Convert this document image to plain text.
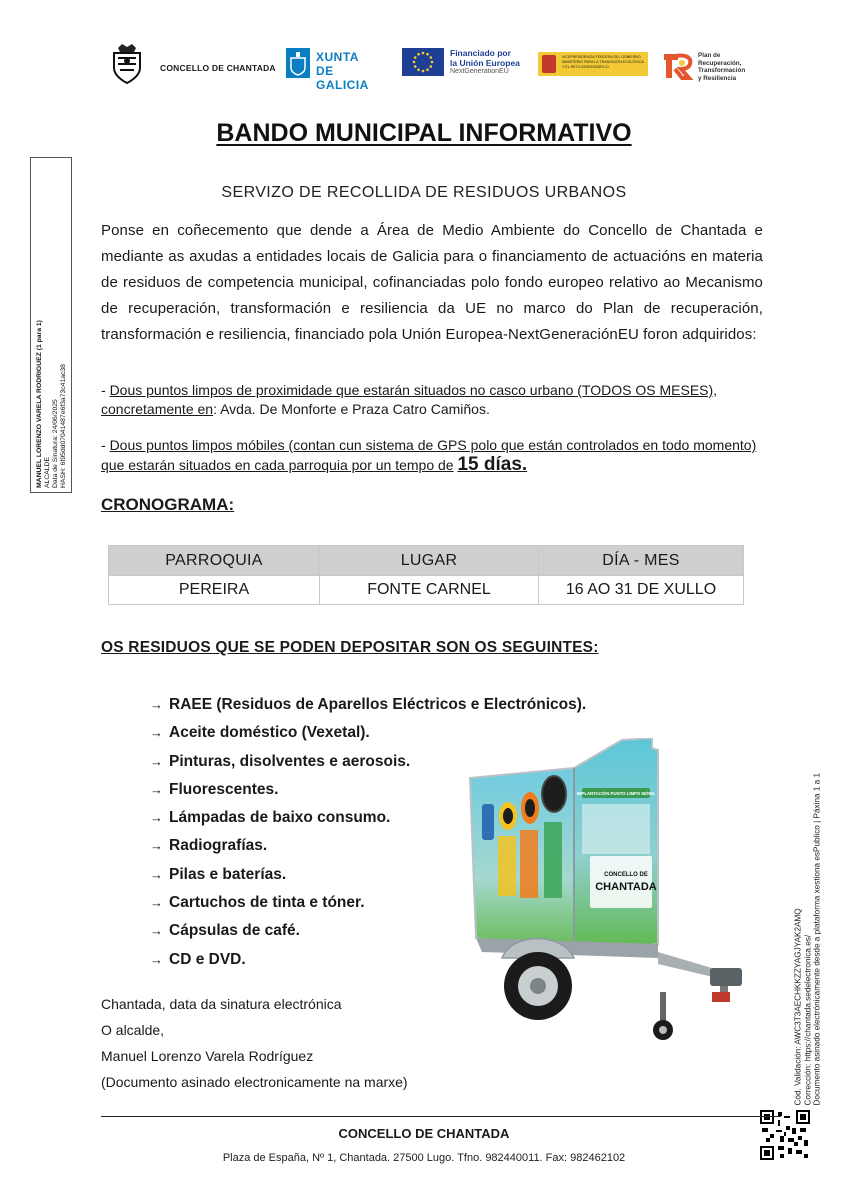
CONCELLO DE CHANTADA
XUNTA
DE GALICIA
Financiado por
la Unión Europea
NextGenerationEU
VICEPRESIDENCIA TERCERA DEL GOBIERNO MINISTERIO PARA LA TRANSICIÓN ECOLÓGICA Y EL RETO DEMOGRÁFICO
Plan de
Recuperación,
Transformación
y Resiliencia
MANUEL LORENZO VARELA RODRIGUEZ (1 para 1) ALCALDE Data de Sinatura: 24/06/2025 HASH: 6f95dd07041487e6f3a73c41ac38
BANDO MUNICIPAL INFORMATIVO
SERVIZO DE RECOLLIDA DE RESIDUOS URBANOS
Ponse en coñecemento que dende a Área de Medio Ambiente do Concello de Chantada e mediante as axudas a entidades locais de Galicia para o financiamento de actuacións en materia de residuos de competencia municipal, cofinanciadas polo fondo europeo relativo ao Mecanismo de recuperación, transformación e resiliencia da UE no marco do Plan de recuperación, transformación e resiliencia, financiado pola Unión Europea-NextGeneraciónEU foron adquiridos:
- Dous puntos limpos de proximidade que estarán situados no casco urbano (TODOS OS MESES), concretamente en: Avda. De Monforte e Praza Catro Camiños.
- Dous puntos limpos móbiles (contan cun sistema de GPS polo que están controlados en todo momento) que estarán situados en cada parroquia por un tempo de 15 días.
CRONOGRAMA:
PARROQUIA	LUGAR	DÍA - MES
PEREIRA	FONTE CARNEL	16 AO 31 DE XULLO
OS RESIDUOS QUE SE PODEN DEPOSITAR SON OS SEGUINTES:
→ RAEE (Residuos de Aparellos Eléctricos e Electrónicos).
→ Aceite doméstico (Vexetal).
→ Pinturas, disolventes e aerosois.
→ Fluorescentes.
→ Lámpadas de baixo consumo.
→ Radiografías.
→ Pilas e baterías.
→ Cartuchos de tinta e tóner.
→ Cápsulas de café.
→ CD e DVD.
IMPLANTACIÓN PUNTO LIMPO MÓBIL
CONCELLO DE
CHANTADA
Chantada, data da sinatura electrónica
O alcalde,
Manuel Lorenzo Varela Rodríguez
(Documento asinado electronicamente na marxe)	Cód. Validación: AWC3T3AECHKKZZYAGJYAK2AMQ Corrección: https://chantada.sedelectronica.es/ Documento asinado electrónicamente desde a plataforma xestiona esPublico | Páxina 1 a 1
CONCELLO DE CHANTADA
Plaza de España, Nº 1, Chantada. 27500 Lugo. Tfno. 982440011. Fax: 982462102
